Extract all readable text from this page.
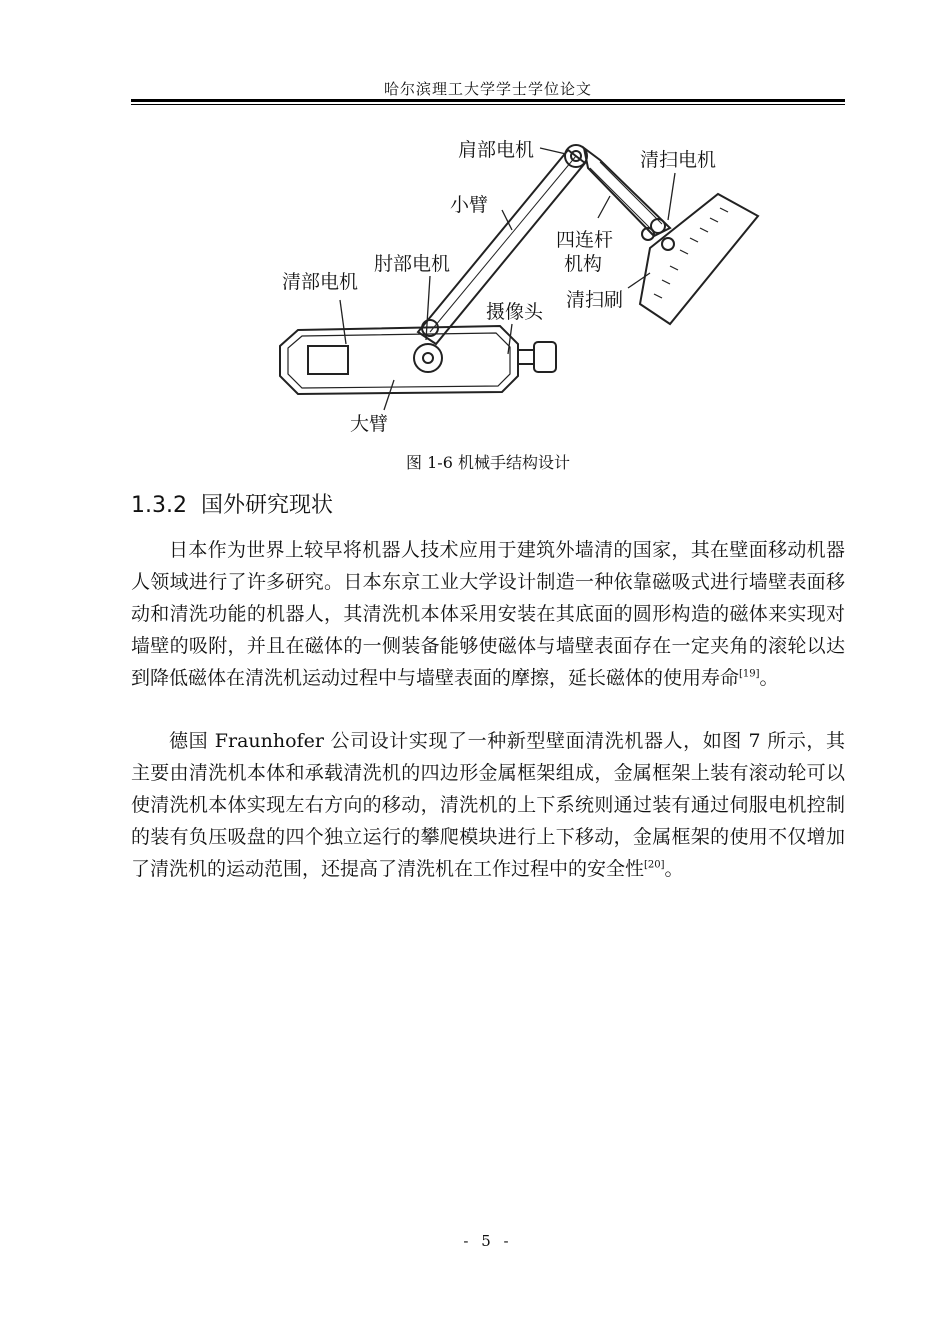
哈尔滨理工大学学士学位论文
肩部电机	清扫电机
小臂
四连杆
机构
肘部电机
清部电机
摄像头
清扫刷
大臂
图 1-6 机械手结构设计
1.3.2 国外研究现状

日本作为世界上较早将机器人技术应用于建筑外墙清的国家，其在壁面移动机器人领域进行了许多研究。日本东京工业大学设计制造一种依靠磁吸式进行墙壁表面移动和清洗功能的机器人，其清洗机本体采用安装在其底面的圆形构造的磁体来实现对墙壁的吸附，并且在磁体的一侧装备能够使磁体与墙壁表面存在一定夹角的滚轮以达到降低磁体在清洗机运动过程中与墙壁表面的摩擦，延长磁体的使用寿命[19]。

德国 Fraunhofer 公司设计实现了一种新型壁面清洗机器人，如图 7 所示，其主要由清洗机本体和承载清洗机的四边形金属框架组成，金属框架上装有滚动轮可以使清洗机本体实现左右方向的移动，清洗机的上下系统则通过装有通过伺服电机控制的装有负压吸盘的四个独立运行的攀爬模块进行上下移动，金属框架的使用不仅增加了清洗机的运动范围，还提高了清洗机在工作过程中的安全性[20]。

- 5 -
